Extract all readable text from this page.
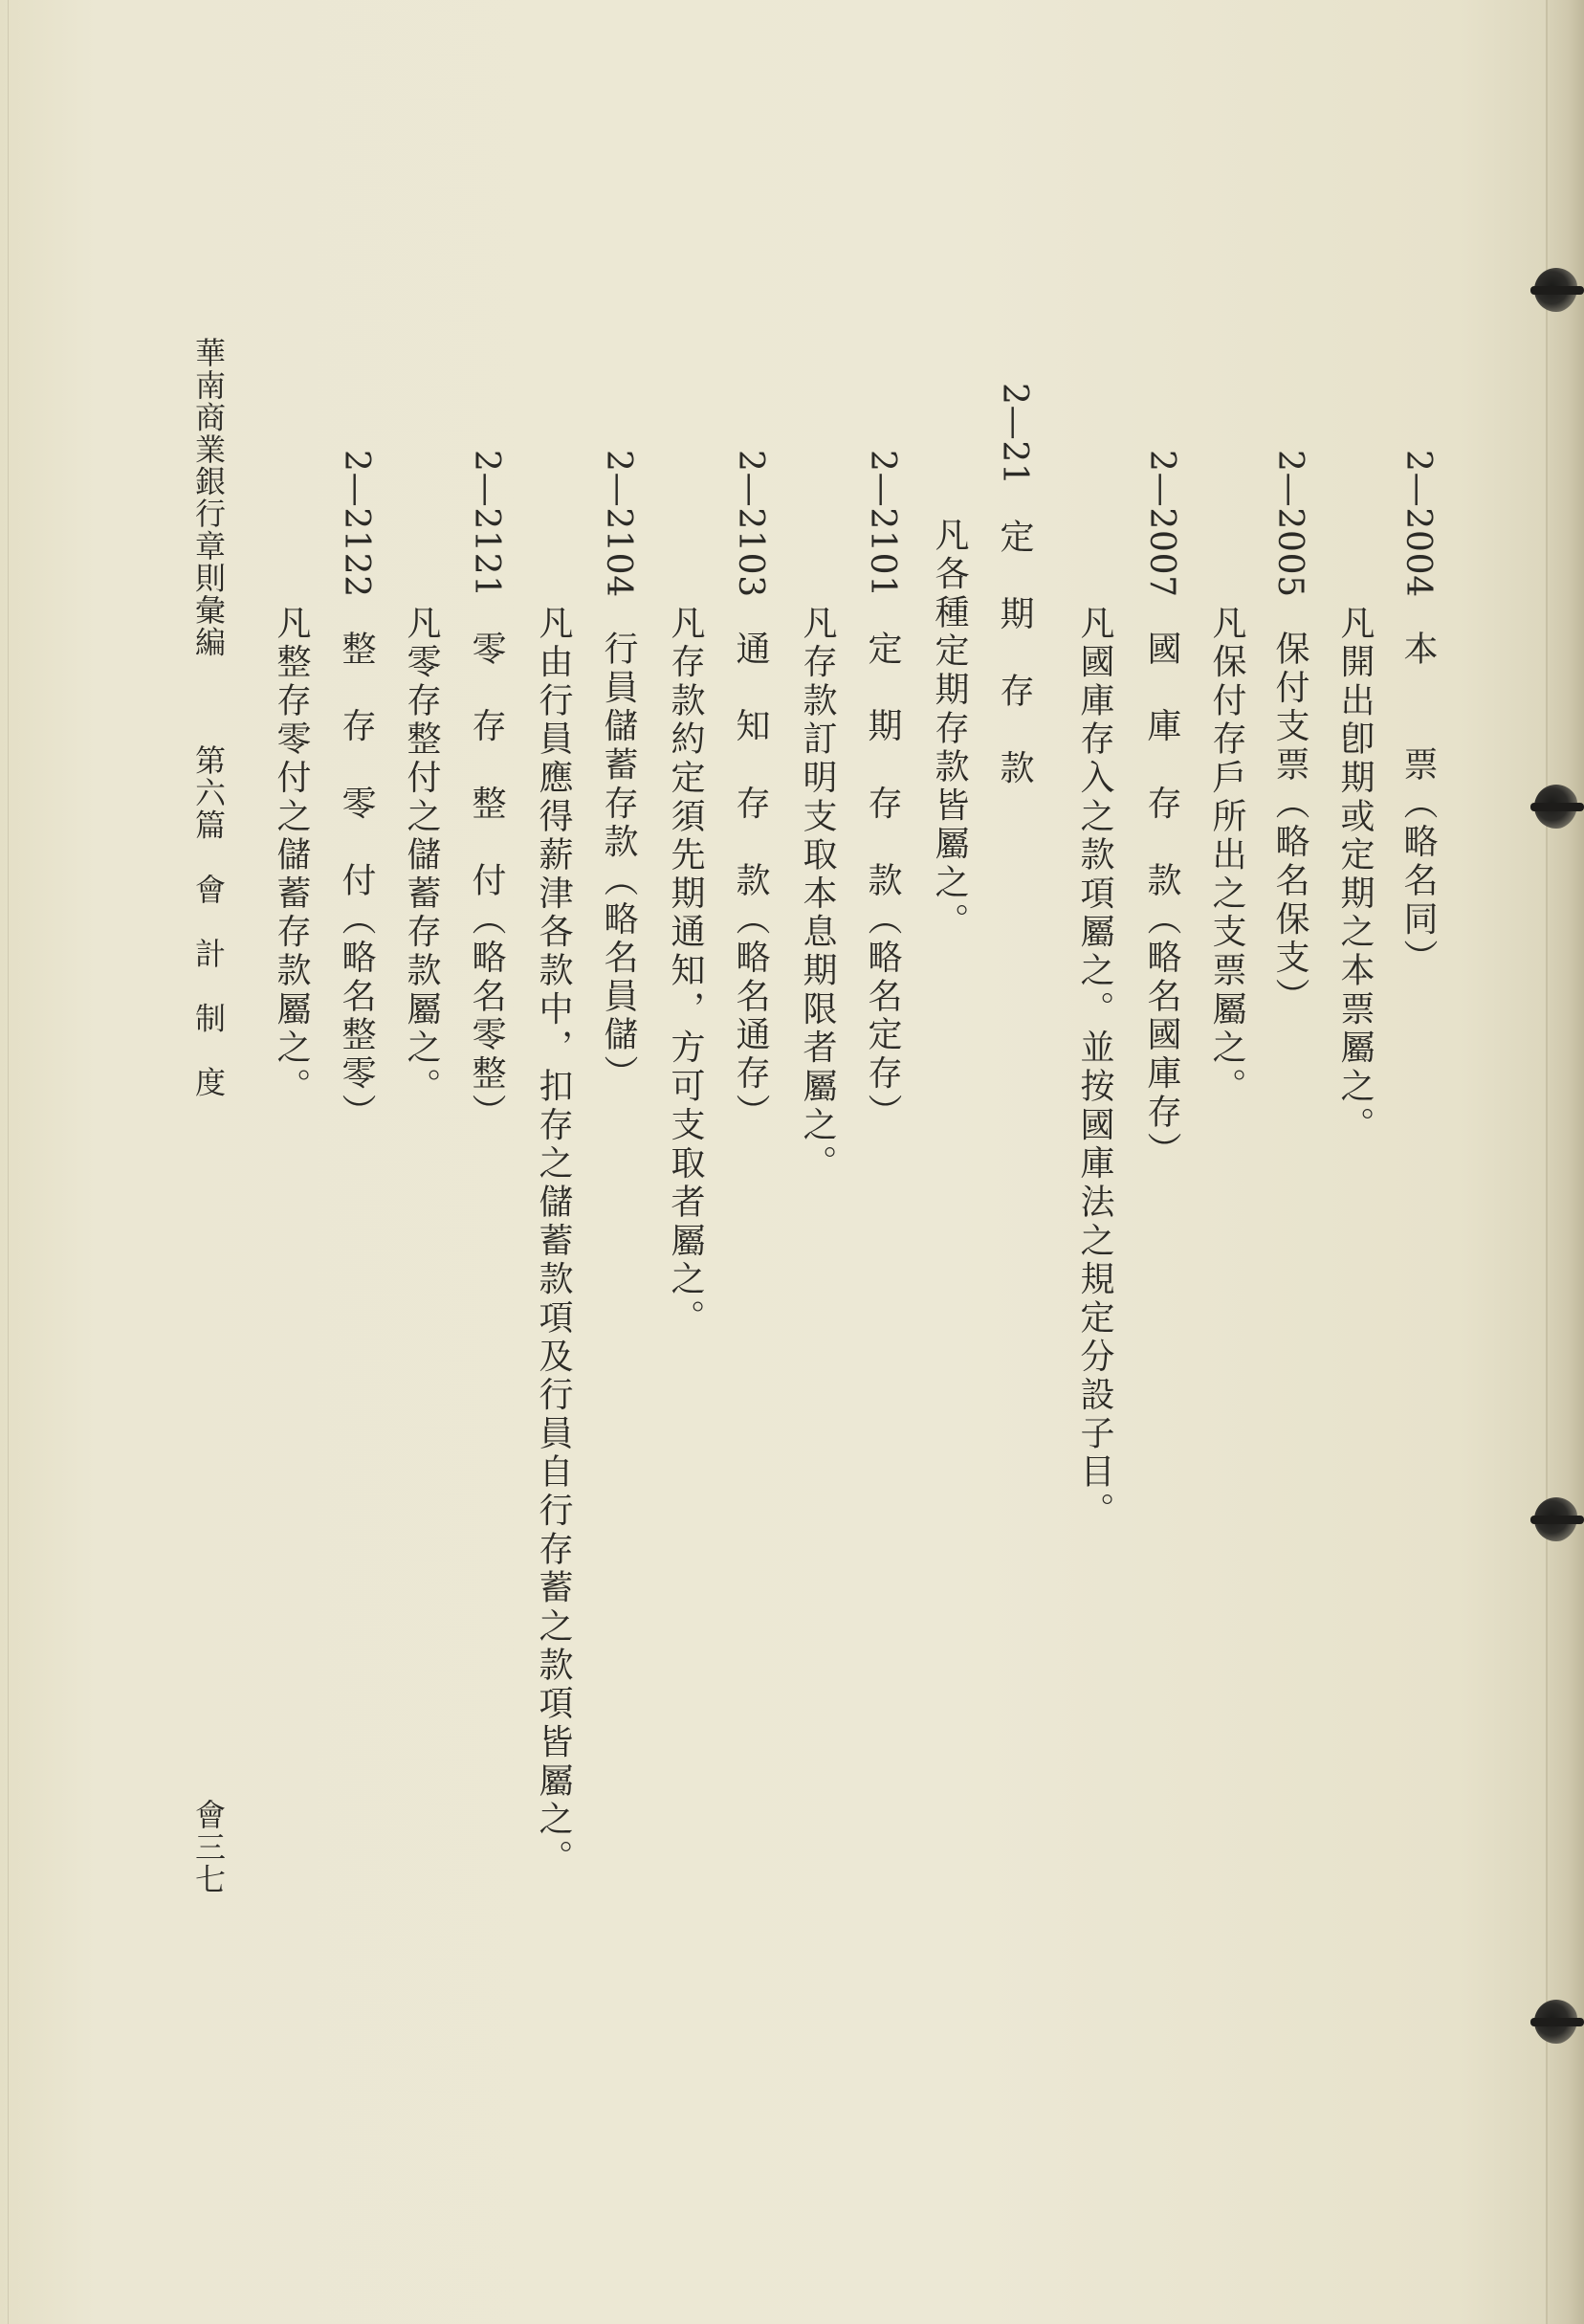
2—2004本　　票（略名同）
凡開出卽期或定期之本票屬之。
2—2005保付支票（略名保支）
凡保付存戶所出之支票屬之。
2—2007國　庫　存　款（略名國庫存）
凡國庫存入之款項屬之。並按國庫法之規定分設子目。
2—21定　期　存　款
凡各種定期存款皆屬之。
2—2101定　期　存　款（略名定存）
凡存款訂明支取本息期限者屬之。
2—2103通　知　存　款（略名通存）
凡存款約定須先期通知，方可支取者屬之。
2—2104行員儲蓄存款（略名員儲）
凡由行員應得薪津各款中，扣存之儲蓄款項及行員自行存蓄之款項皆屬之。
2—2121零　存　整　付（略名零整）
凡零存整付之儲蓄存款屬之。
2—2122整　存　零　付（略名整零）
凡整存零付之儲蓄存款屬之。
華南商業銀行章則彙編第六篇會　計　制　度
會三七
